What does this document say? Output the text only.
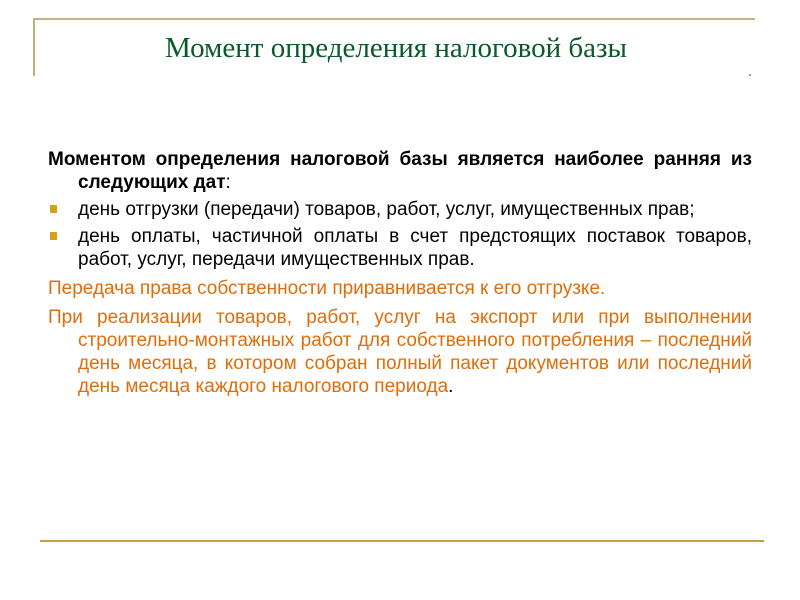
Момент определения налоговой базы
Моментом определения налоговой базы является наиболее ранняя из следующих дат:
день отгрузки (передачи) товаров, работ, услуг, имущественных прав;
день оплаты, частичной оплаты в счет предстоящих поставок товаров, работ, услуг, передачи имущественных прав.
Передача права собственности приравнивается к его отгрузке.
При реализации товаров, работ, услуг на экспорт или при выполнении строительно-монтажных работ для собственного потребления – последний день месяца, в котором собран полный пакет документов или последний день месяца каждого налогового периода.
